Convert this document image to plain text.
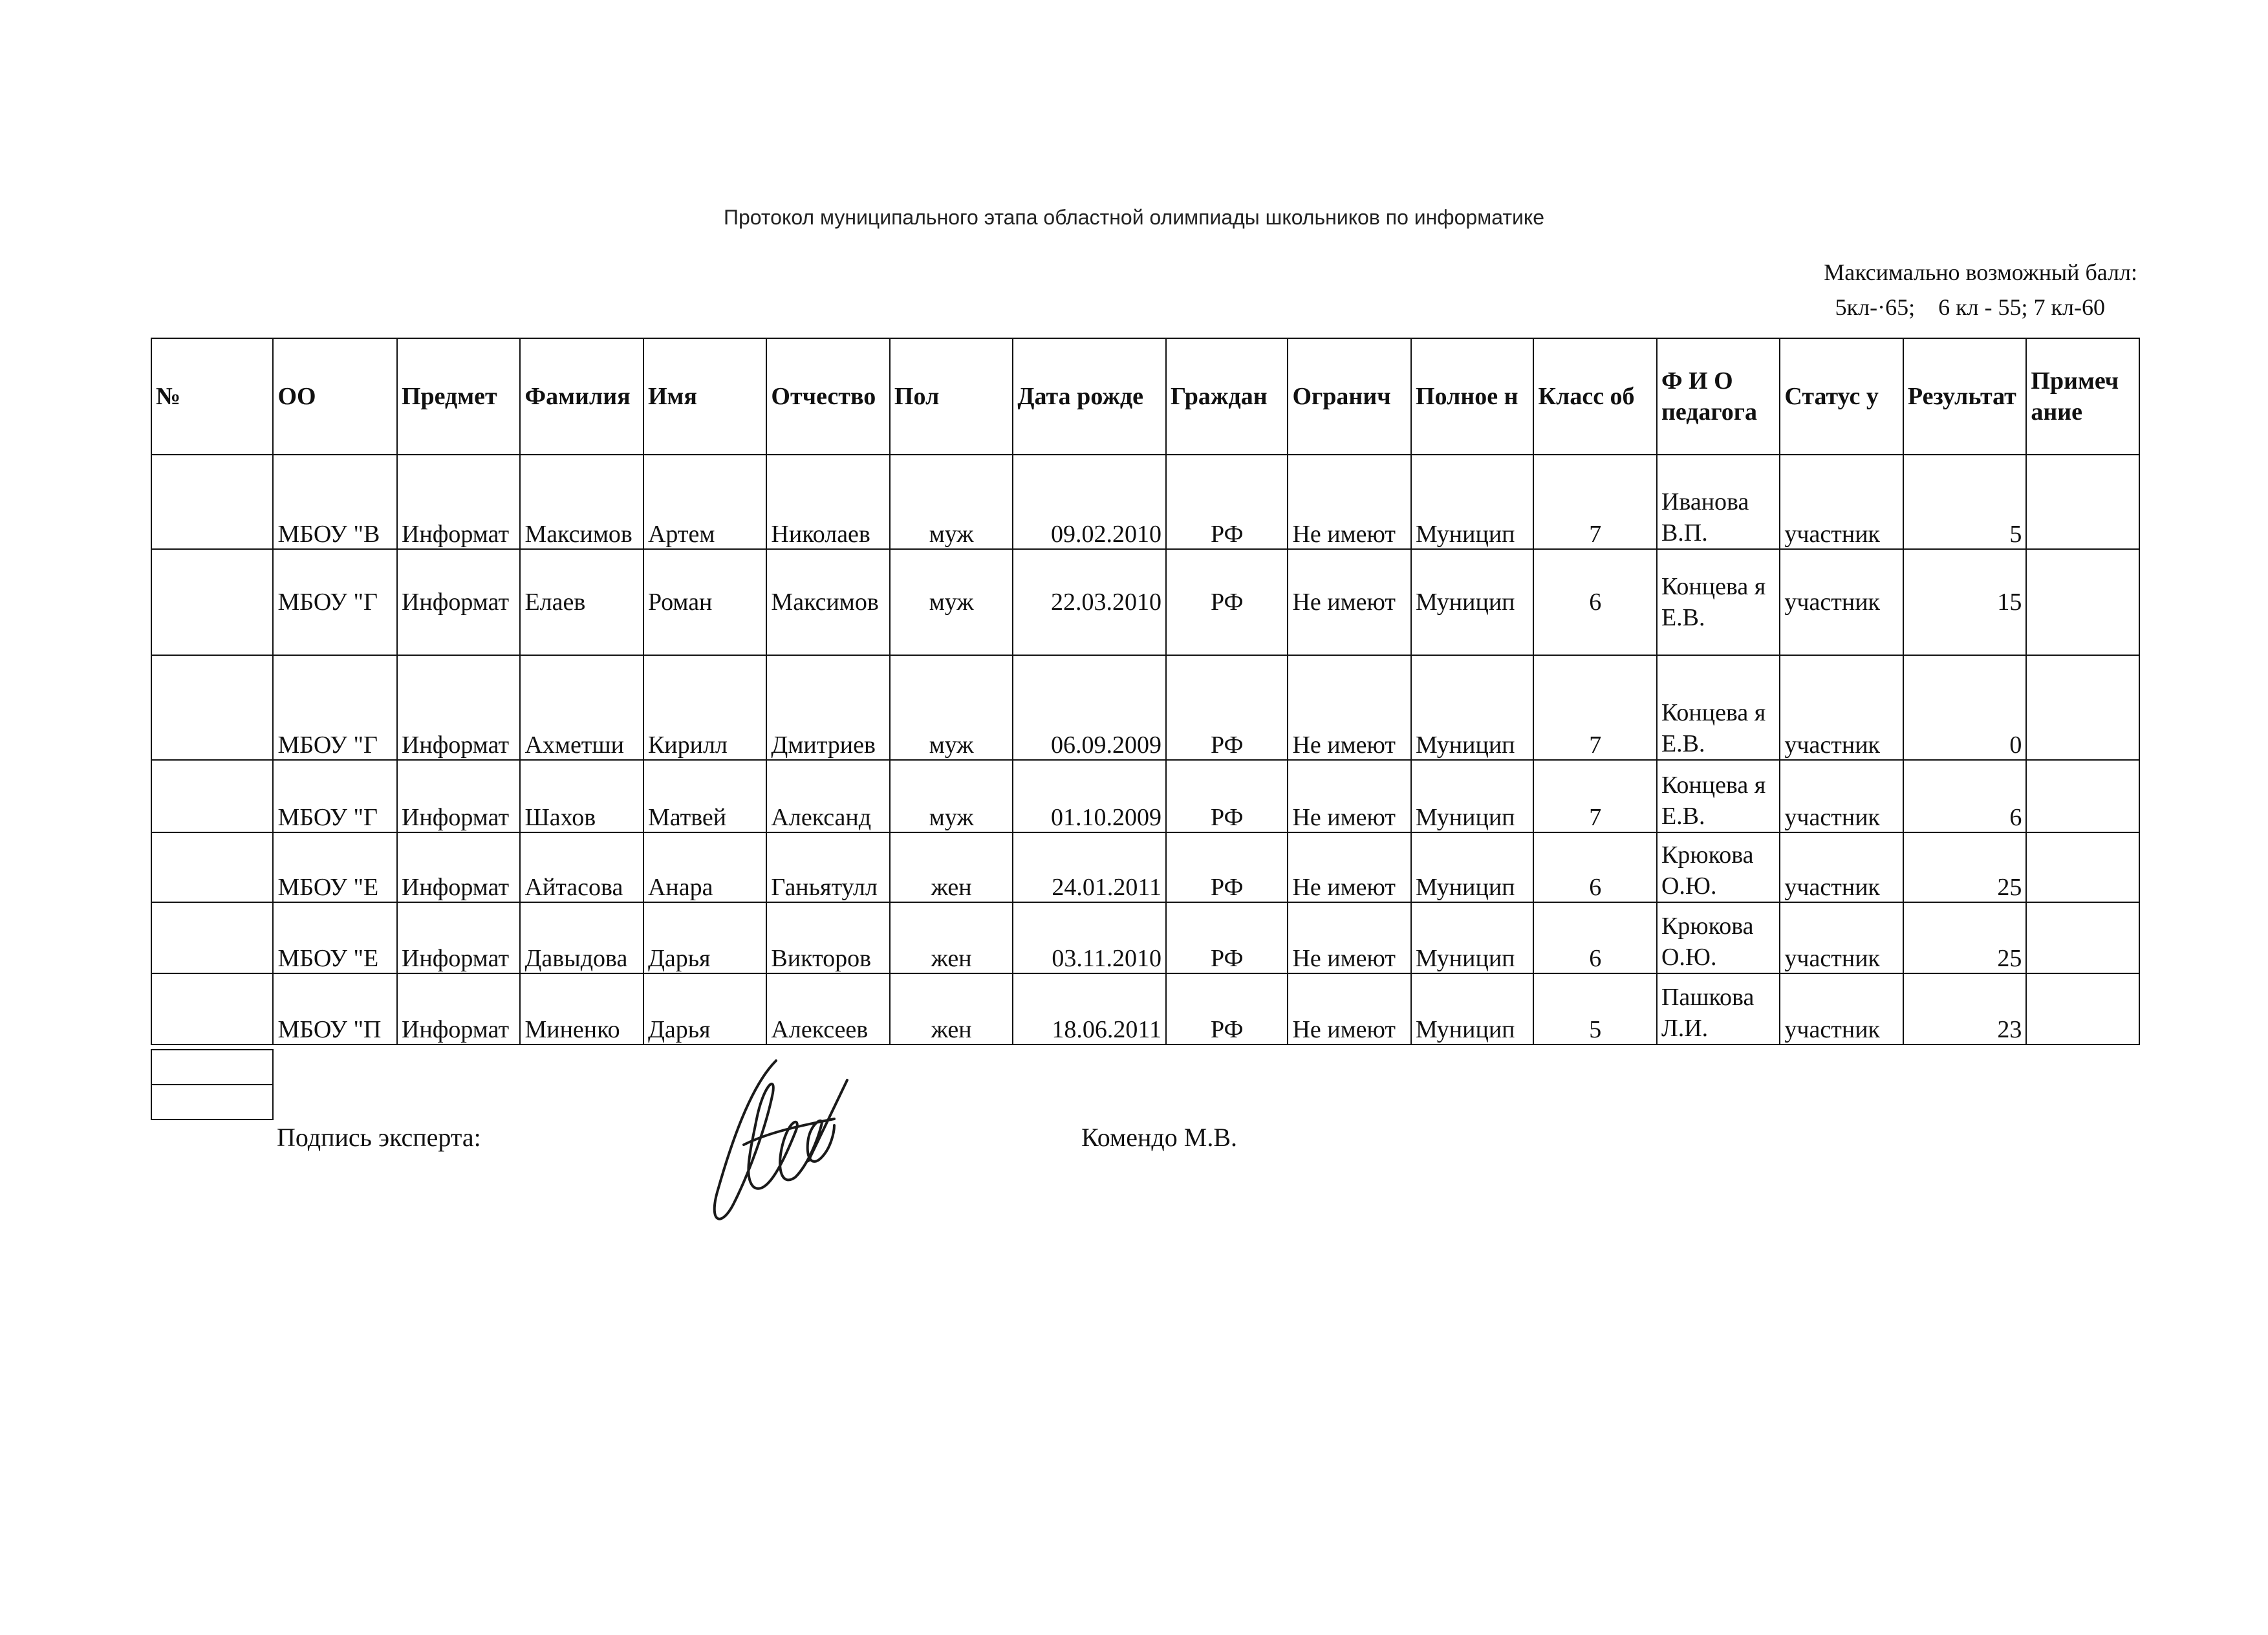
Протокол муниципального этапа областной олимпиады школьников по информатике
Максимально возможный балл:
5кл-·65;    6 кл - 55; 7 кл-60
№	ОО	Предмет	Фамилия	Имя	Отчество	Пол	Дата рожде	Граждан	Огранич	Полное н	Класс об	Ф И О педагога	Статус у	Результат	Примеч ание
	МБОУ "В	Информат	Максимов	Артем	Николаев	муж	09.02.2010	РФ	Не имеют	Муницип	7	Иванова В.П.	участник	5	
	МБОУ "Г	Информат	Елаев	Роман	Максимов	муж	22.03.2010	РФ	Не имеют	Муницип	6	Концева я Е.В.	участник	15	
	МБОУ "Г	Информат	Ахметши	Кирилл	Дмитриев	муж	06.09.2009	РФ	Не имеют	Муницип	7	Концева я Е.В.	участник	0	
	МБОУ "Г	Информат	Шахов	Матвей	Александ	муж	01.10.2009	РФ	Не имеют	Муницип	7	Концева я Е.В.	участник	6	
	МБОУ "Е	Информат	Айтасова	Анара	Ганьятулл	жен	24.01.2011	РФ	Не имеют	Муницип	6	Крюкова О.Ю.	участник	25	
	МБОУ "Е	Информат	Давыдова	Дарья	Викторов	жен	03.11.2010	РФ	Не имеют	Муницип	6	Крюкова О.Ю.	участник	25	
	МБОУ "П	Информат	Миненко	Дарья	Алексеев	жен	18.06.2011	РФ	Не имеют	Муницип	5	Пашкова Л.И.	участник	23	

Подпись эксперта:	Комендо М.В.
